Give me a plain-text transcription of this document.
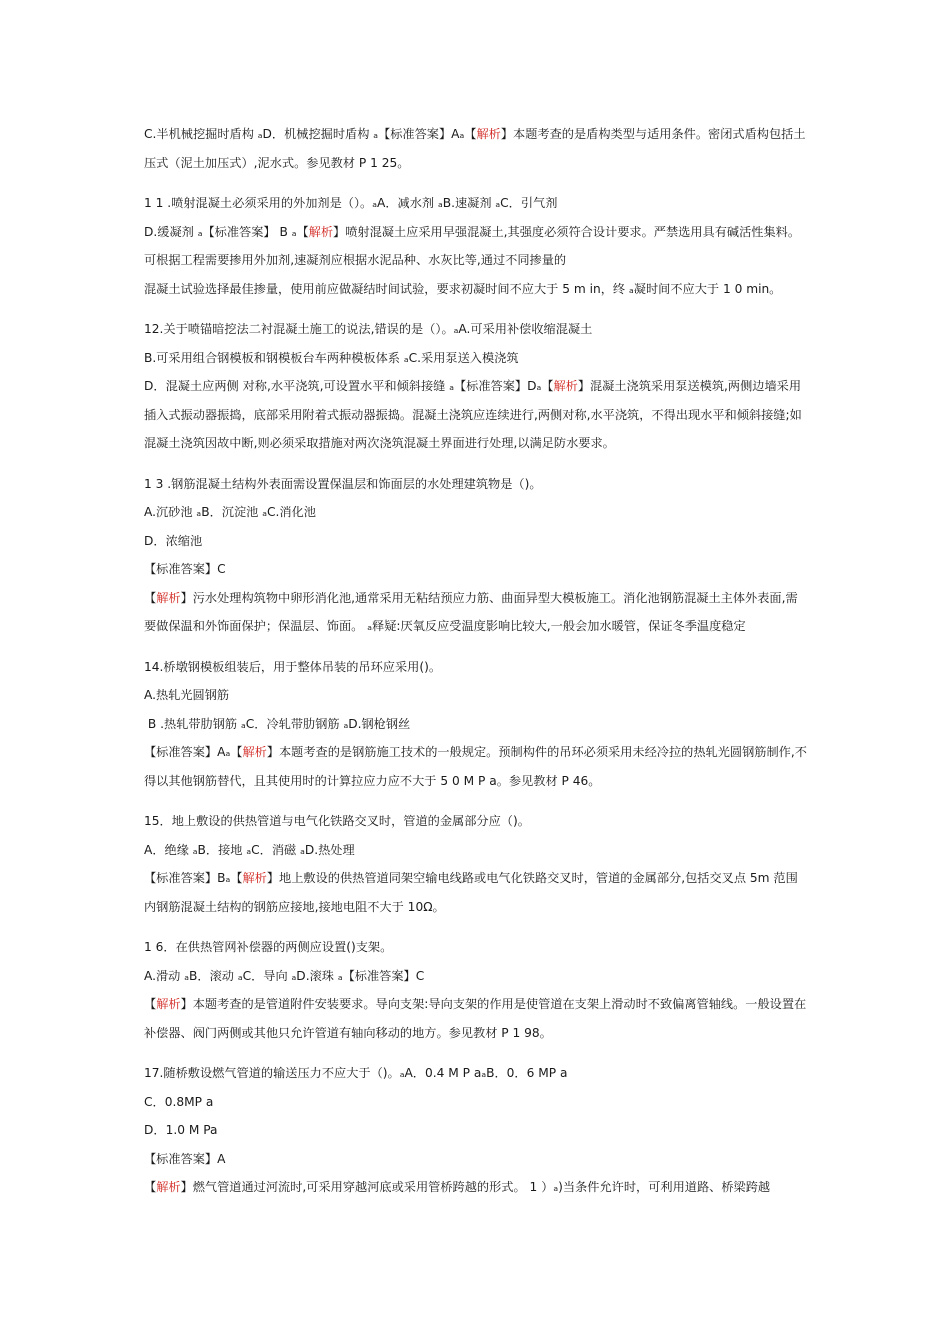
C.半机械挖掘时盾构 ₐD．机械挖掘时盾构 ₐ【标准答案】Aₐ【解析】本题考查的是盾构类型与适用条件。密闭式盾构包括土压式（泥土加压式）,泥水式。参见教材 P 1 25。

1 1 .喷射混凝土必须采用的外加剂是（）。ₐA．减水剂 ₐB.速凝剂 ₐC．引气剂

D.缓凝剂 ₐ【标准答案】 B ₐ【解析】喷射混凝土应采用早强混凝土,其强度必须符合设计要求。严禁选用具有碱活性集料。可根据工程需要掺用外加剂,速凝剂应根据水泥品种、水灰比等,通过不同掺量的

混凝土试验选择最佳掺量，使用前应做凝结时间试验，要求初凝时间不应大于 5 m in，终 ₐ凝时间不应大于 1 0 min。

12.关于喷锚暗挖法二衬混凝土施工的说法,错误的是（）。ₐA.可采用补偿收缩混凝土

B.可采用组合钢模板和钢模板台车两种模板体系 ₐC.采用泵送入模浇筑

D．混凝土应两侧 对称,水平浇筑,可设置水平和倾斜接缝 ₐ【标准答案】Dₐ【解析】混凝土浇筑采用泵送模筑,两侧边墙采用插入式振动器振捣，底部采用附着式振动器振捣。混凝土浇筑应连续进行,两侧对称,水平浇筑，不得出现水平和倾斜接缝;如混凝土浇筑因故中断,则必须采取措施对两次浇筑混凝土界面进行处理,以满足防水要求。

1 3 .钢筋混凝土结构外表面需设置保温层和饰面层的水处理建筑物是（)。

A.沉砂池 ₐB．沉淀池 ₐC.消化池

D．浓缩池

【标准答案】C

【解析】污水处理构筑物中卵形消化池,通常采用无粘结预应力筋、曲面异型大模板施工。消化池钢筋混凝土主体外表面,需要做保温和外饰面保护；保温层、饰面。 ₐ释疑:厌氧反应受温度影响比较大,一般会加水暖管，保证冬季温度稳定

14.桥墩钢模板组装后，用于整体吊装的吊环应采用()。

A.热轧光圆钢筋

B .热轧带肋钢筋 ₐC．冷轧带肋钢筋 ₐD.钢枪钢丝

【标准答案】Aₐ【解析】本题考查的是钢筋施工技术的一般规定。预制构件的吊环必须采用未经冷拉的热轧光圆钢筋制作,不得以其他钢筋替代，且其使用时的计算拉应力应不大于 5 0 M P a。参见教材 P 46。

15．地上敷设的供热管道与电气化铁路交叉时，管道的金属部分应（)。

A．绝缘 ₐB．接地 ₐC．消磁 ₐD.热处理

【标准答案】Bₐ【解析】地上敷设的供热管道同架空输电线路或电气化铁路交叉时，管道的金属部分,包括交叉点 5m 范围内钢筋混凝土结构的钢筋应接地,接地电阻不大于 10Ω。

1 6．在供热管网补偿器的两侧应设置()支架。

A.滑动 ₐB．滚动 ₐC．导向 ₐD.滚珠 ₐ【标准答案】C

【解析】本题考查的是管道附件安装要求。导向支架:导向支架的作用是使管道在支架上滑动时不致偏离管轴线。一般设置在补偿器、阀门两侧或其他只允许管道有轴向移动的地方。参见教材 P 1 98。

17.随桥敷设燃气管道的输送压力不应大于（)。ₐA．0.4 M P aₐB．0．6 MP a

C．0.8MP a

D．1.0 M Pa

【标准答案】A

【解析】燃气管道通过河流时,可采用穿越河底或采用管桥跨越的形式。 1 ）ₐ)当条件允许时，可利用道路、桥梁跨越
